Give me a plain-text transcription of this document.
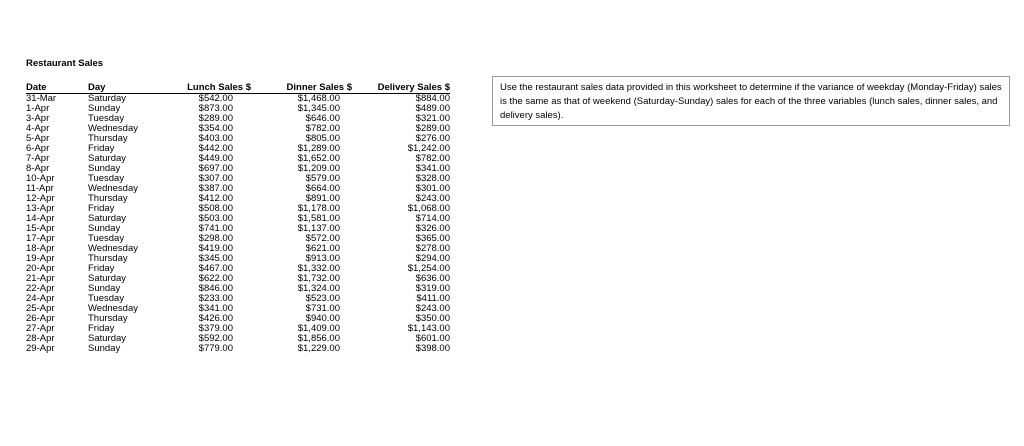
Restaurant Sales
Date	Day	Lunch Sales $	Dinner Sales $	Delivery Sales $
31-Mar	Saturday	$542.00	$1,468.00	$884.00
1-Apr	Sunday	$873.00	$1,345.00	$489.00
3-Apr	Tuesday	$289.00	$646.00	$321.00
4-Apr	Wednesday	$354.00	$782.00	$289.00
5-Apr	Thursday	$403.00	$805.00	$276.00
6-Apr	Friday	$442.00	$1,289.00	$1,242.00
7-Apr	Saturday	$449.00	$1,652.00	$782.00
8-Apr	Sunday	$697.00	$1,209.00	$341.00
10-Apr	Tuesday	$307.00	$579.00	$328.00
11-Apr	Wednesday	$387.00	$664.00	$301.00
12-Apr	Thursday	$412.00	$891.00	$243.00
13-Apr	Friday	$508.00	$1,178.00	$1,068.00
14-Apr	Saturday	$503.00	$1,581.00	$714.00
15-Apr	Sunday	$741.00	$1,137.00	$326.00
17-Apr	Tuesday	$298.00	$572.00	$365.00
18-Apr	Wednesday	$419.00	$621.00	$278.00
19-Apr	Thursday	$345.00	$913.00	$294.00
20-Apr	Friday	$467.00	$1,332.00	$1,254.00
21-Apr	Saturday	$622.00	$1,732.00	$636.00
22-Apr	Sunday	$846.00	$1,324.00	$319.00
24-Apr	Tuesday	$233.00	$523.00	$411.00
25-Apr	Wednesday	$341.00	$731.00	$243.00
26-Apr	Thursday	$426.00	$940.00	$350.00
27-Apr	Friday	$379.00	$1,409.00	$1,143.00
28-Apr	Saturday	$592.00	$1,856.00	$601.00
29-Apr	Sunday	$779.00	$1,229.00	$398.00
Use the restaurant sales data provided in this worksheet to determine if the variance of weekday (Monday-Friday) sales is the same as that of weekend (Saturday-Sunday) sales for each of the three variables (lunch sales, dinner sales, and delivery sales).
